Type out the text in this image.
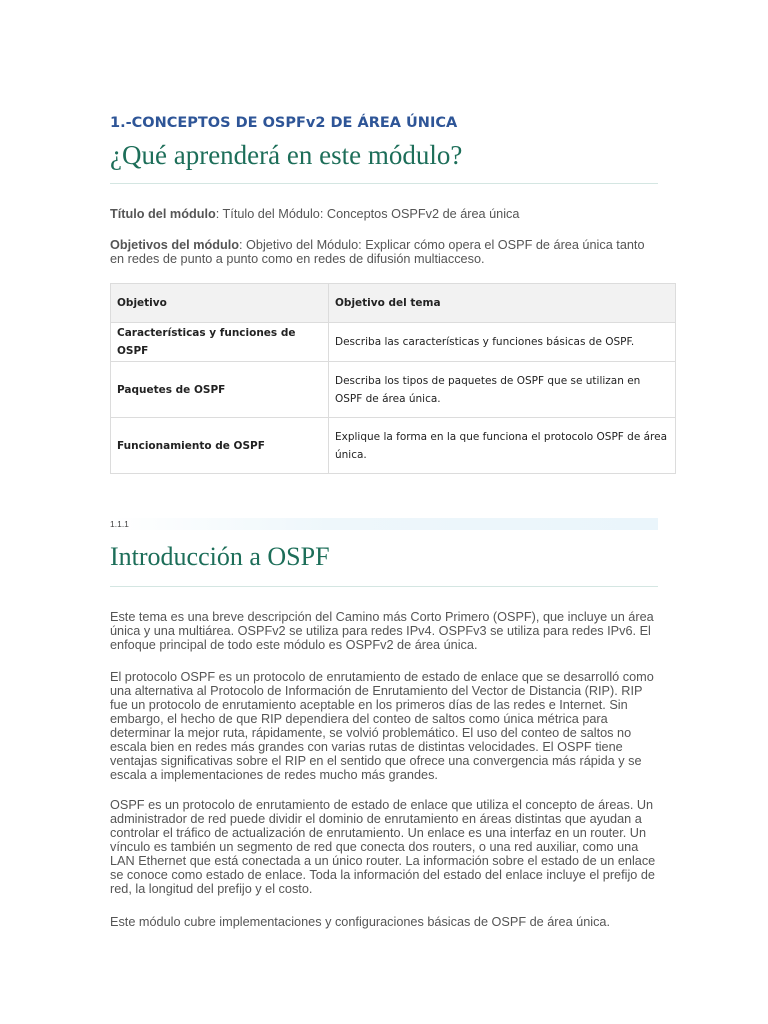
1.-CONCEPTOS DE OSPFv2 DE ÁREA ÚNICA
¿Qué aprenderá en este módulo?
Título del módulo: Título del Módulo: Conceptos OSPFv2 de área única
Objetivos del módulo: Objetivo del Módulo: Explicar cómo opera el OSPF de área única tanto en redes de punto a punto como en redes de difusión multiacceso.
Objetivo	Objetivo del tema
Características y funciones de OSPF	Describa las características y funciones básicas de OSPF.
Paquetes de OSPF	Describa los tipos de paquetes de OSPF que se utilizan en OSPF de área única.
Funcionamiento de OSPF	Explique la forma en la que funciona el protocolo OSPF de área única.
1.1.1
Introducción a OSPF
Este tema es una breve descripción del Camino más Corto Primero (OSPF), que incluye un área única y una multiárea. OSPFv2 se utiliza para redes IPv4. OSPFv3 se utiliza para redes IPv6. El enfoque principal de todo este módulo es OSPFv2 de área única.
El protocolo OSPF es un protocolo de enrutamiento de estado de enlace que se desarrolló como una alternativa al Protocolo de Información de Enrutamiento del Vector de Distancia (RIP). RIP fue un protocolo de enrutamiento aceptable en los primeros días de las redes e Internet. Sin embargo, el hecho de que RIP dependiera del conteo de saltos como única métrica para determinar la mejor ruta, rápidamente, se volvió problemático. El uso del conteo de saltos no escala bien en redes más grandes con varias rutas de distintas velocidades. El OSPF tiene ventajas significativas sobre el RIP en el sentido que ofrece una convergencia más rápida y se escala a implementaciones de redes mucho más grandes.
OSPF es un protocolo de enrutamiento de estado de enlace que utiliza el concepto de áreas. Un administrador de red puede dividir el dominio de enrutamiento en áreas distintas que ayudan a controlar el tráfico de actualización de enrutamiento. Un enlace es una interfaz en un router. Un vínculo es también un segmento de red que conecta dos routers, o una red auxiliar, como una LAN Ethernet que está conectada a un único router. La información sobre el estado de un enlace se conoce como estado de enlace. Toda la información del estado del enlace incluye el prefijo de red, la longitud del prefijo y el costo.
Este módulo cubre implementaciones y configuraciones básicas de OSPF de área única.
